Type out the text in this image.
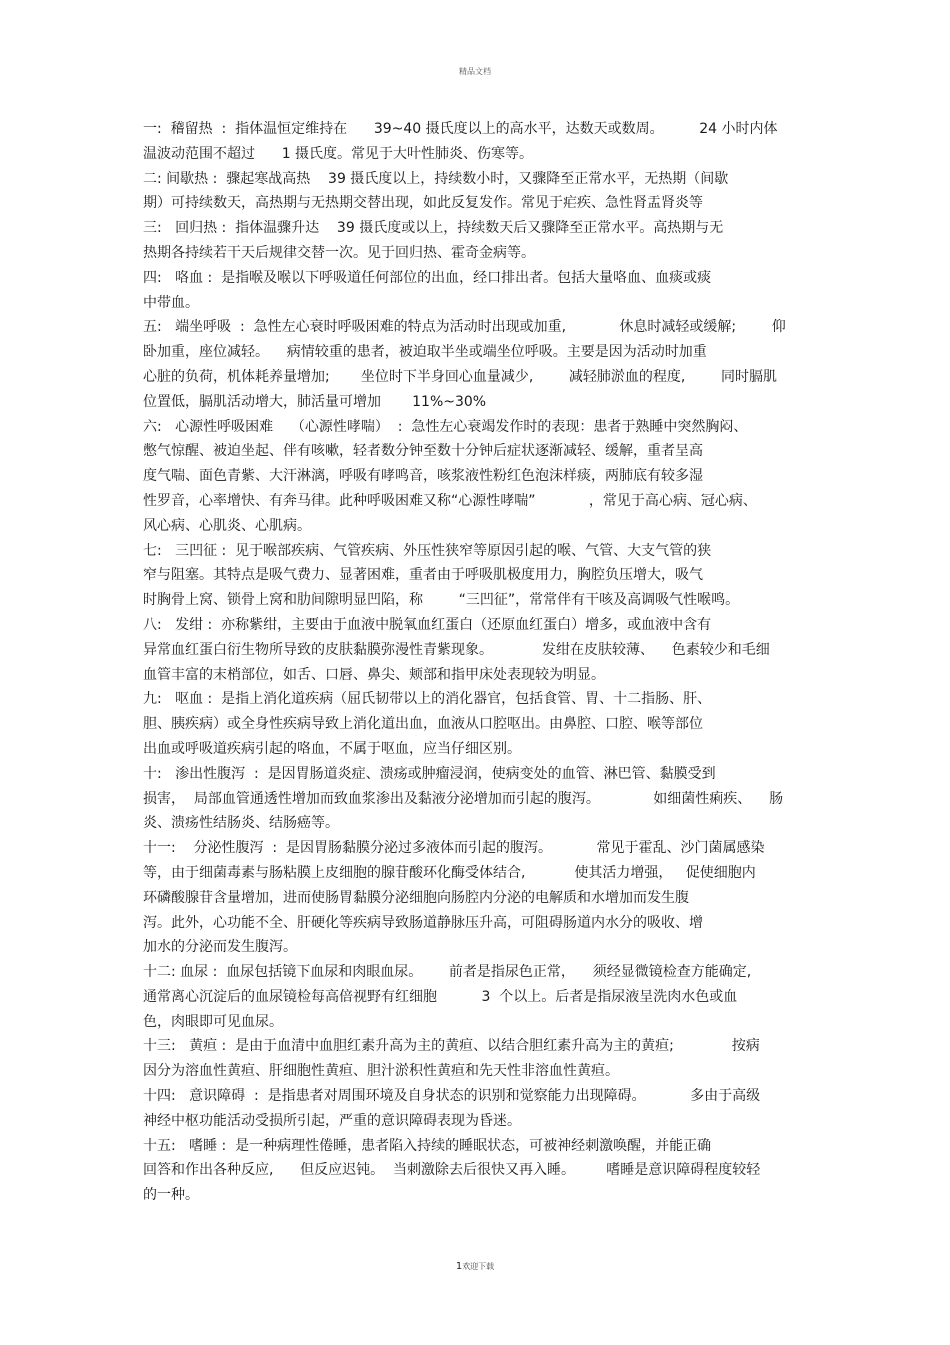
精品文档
一:  稽留热  :  指体温恒定维持在      39~40 摄氏度以上的高水平，达数天或数周。        24 小时内体
温波动范围不超过      1 摄氏度。常见于大叶性肺炎、伤寒等。
二: 间歇热 :  骤起寒战高热    39 摄氏度以上，持续数小时，又骤降至正常水平，无热期（间歇
期）可持续数天，高热期与无热期交替出现，如此反复发作。常见于疟疾、急性肾盂肾炎等
三:   回归热 :  指体温骤升达    39 摄氏度或以上，持续数天后又骤降至正常水平。高热期与无
热期各持续若干天后规律交替一次。见于回归热、霍奇金病等。
四:   咯血 :  是指喉及喉以下呼吸道任何部位的出血，经口排出者。包括大量咯血、血痰或痰
中带血。
五:   端坐呼吸  :  急性左心衰时呼吸困难的特点为活动时出现或加重,            休息时减轻或缓解;        仰
卧加重，座位减轻。    病情较重的患者，被迫取半坐或端坐位呼吸。主要是因为活动时加重
心脏的负荷，机体耗养量增加;       坐位时下半身回心血量减少,        减轻肺淤血的程度,        同时膈肌
位置低，膈肌活动增大，肺活量可增加       11%~30%
六:   心源性呼吸困难    （心源性哮喘）  :  急性左心衰竭发作时的表现：患者于熟睡中突然胸闷、
憋气惊醒、被迫坐起、伴有咳嗽，轻者数分钟至数十分钟后症状逐渐减轻、缓解，重者呈高
度气喘、面色青紫、大汗淋漓，呼吸有哮鸣音，咳浆液性粉红色泡沫样痰，两肺底有较多湿
性罗音，心率增快、有奔马律。此种呼吸困难又称“心源性哮喘”            ，常见于高心病、冠心病、
风心病、心肌炎、心肌病。
七:   三凹征 :  见于喉部疾病、气管疾病、外压性狭窄等原因引起的喉、气管、大支气管的狭
窄与阻塞。其特点是吸气费力、显著困难，重者由于呼吸肌极度用力，胸腔负压增大，吸气
时胸骨上窝、锁骨上窝和肋间隙明显凹陷，称        “三凹征”，常常伴有干咳及高调吸气性喉鸣。
八:   发绀 :  亦称紫绀，主要由于血液中脱氧血红蛋白（还原血红蛋白）增多，或血液中含有
异常血红蛋白衍生物所导致的皮肤黏膜弥漫性青紫现象。           发绀在皮肤较薄、    色素较少和毛细
血管丰富的末梢部位，如舌、口唇、鼻尖、颊部和指甲床处表现较为明显。
九:   呕血 :  是指上消化道疾病（屈氏韧带以上的消化器官，包括食管、胃、十二指肠、肝、
胆、胰疾病）或全身性疾病导致上消化道出血，血液从口腔呕出。由鼻腔、口腔、喉等部位
出血或呼吸道疾病引起的咯血，不属于呕血，应当仔细区别。
十:   渗出性腹泻  :  是因胃肠道炎症、溃疡或肿瘤浸润，使病变处的血管、淋巴管、黏膜受到
损害，  局部血管通透性增加而致血浆渗出及黏液分泌增加而引起的腹泻。            如细菌性痢疾、    肠
炎、溃疡性结肠炎、结肠癌等。
十一:    分泌性腹泻  :  是因胃肠黏膜分泌过多液体而引起的腹泻。          常见于霍乱、沙门菌属感染
等，由于细菌毒素与肠粘膜上皮细胞的腺苷酸环化酶受体结合,           使其活力增强，   促使细胞内
环磷酸腺苷含量增加，进而使肠胃黏膜分泌细胞向肠腔内分泌的电解质和水增加而发生腹
泻。此外，心功能不全、肝硬化等疾病导致肠道静脉压升高，可阻碍肠道内水分的吸收、增
加水的分泌而发生腹泻。
十二: 血尿 :  血尿包括镜下血尿和肉眼血尿。      前者是指尿色正常，    须经显微镜检查方能确定,
通常离心沉淀后的血尿镜检每高倍视野有红细胞          3  个以上。后者是指尿液呈洗肉水色或血
色，肉眼即可见血尿。
十三:   黄疸 :  是由于血清中血胆红素升高为主的黄疸、以结合胆红素升高为主的黄疸;             按病
因分为溶血性黄疸、肝细胞性黄疸、胆汁淤积性黄疸和先天性非溶血性黄疸。
十四:   意识障碍  :  是指患者对周围环境及自身状态的识别和觉察能力出现障碍。          多由于高级
神经中枢功能活动受损所引起，严重的意识障碍表现为昏迷。
十五:   嗜睡 :  是一种病理性倦睡，患者陷入持续的睡眠状态，可被神经刺激唤醒，并能正确
回答和作出各种反应,      但反应迟钝。  当刺激除去后很快又再入睡。       嗜睡是意识障碍程度较轻
的一种。
1欢迎下载
